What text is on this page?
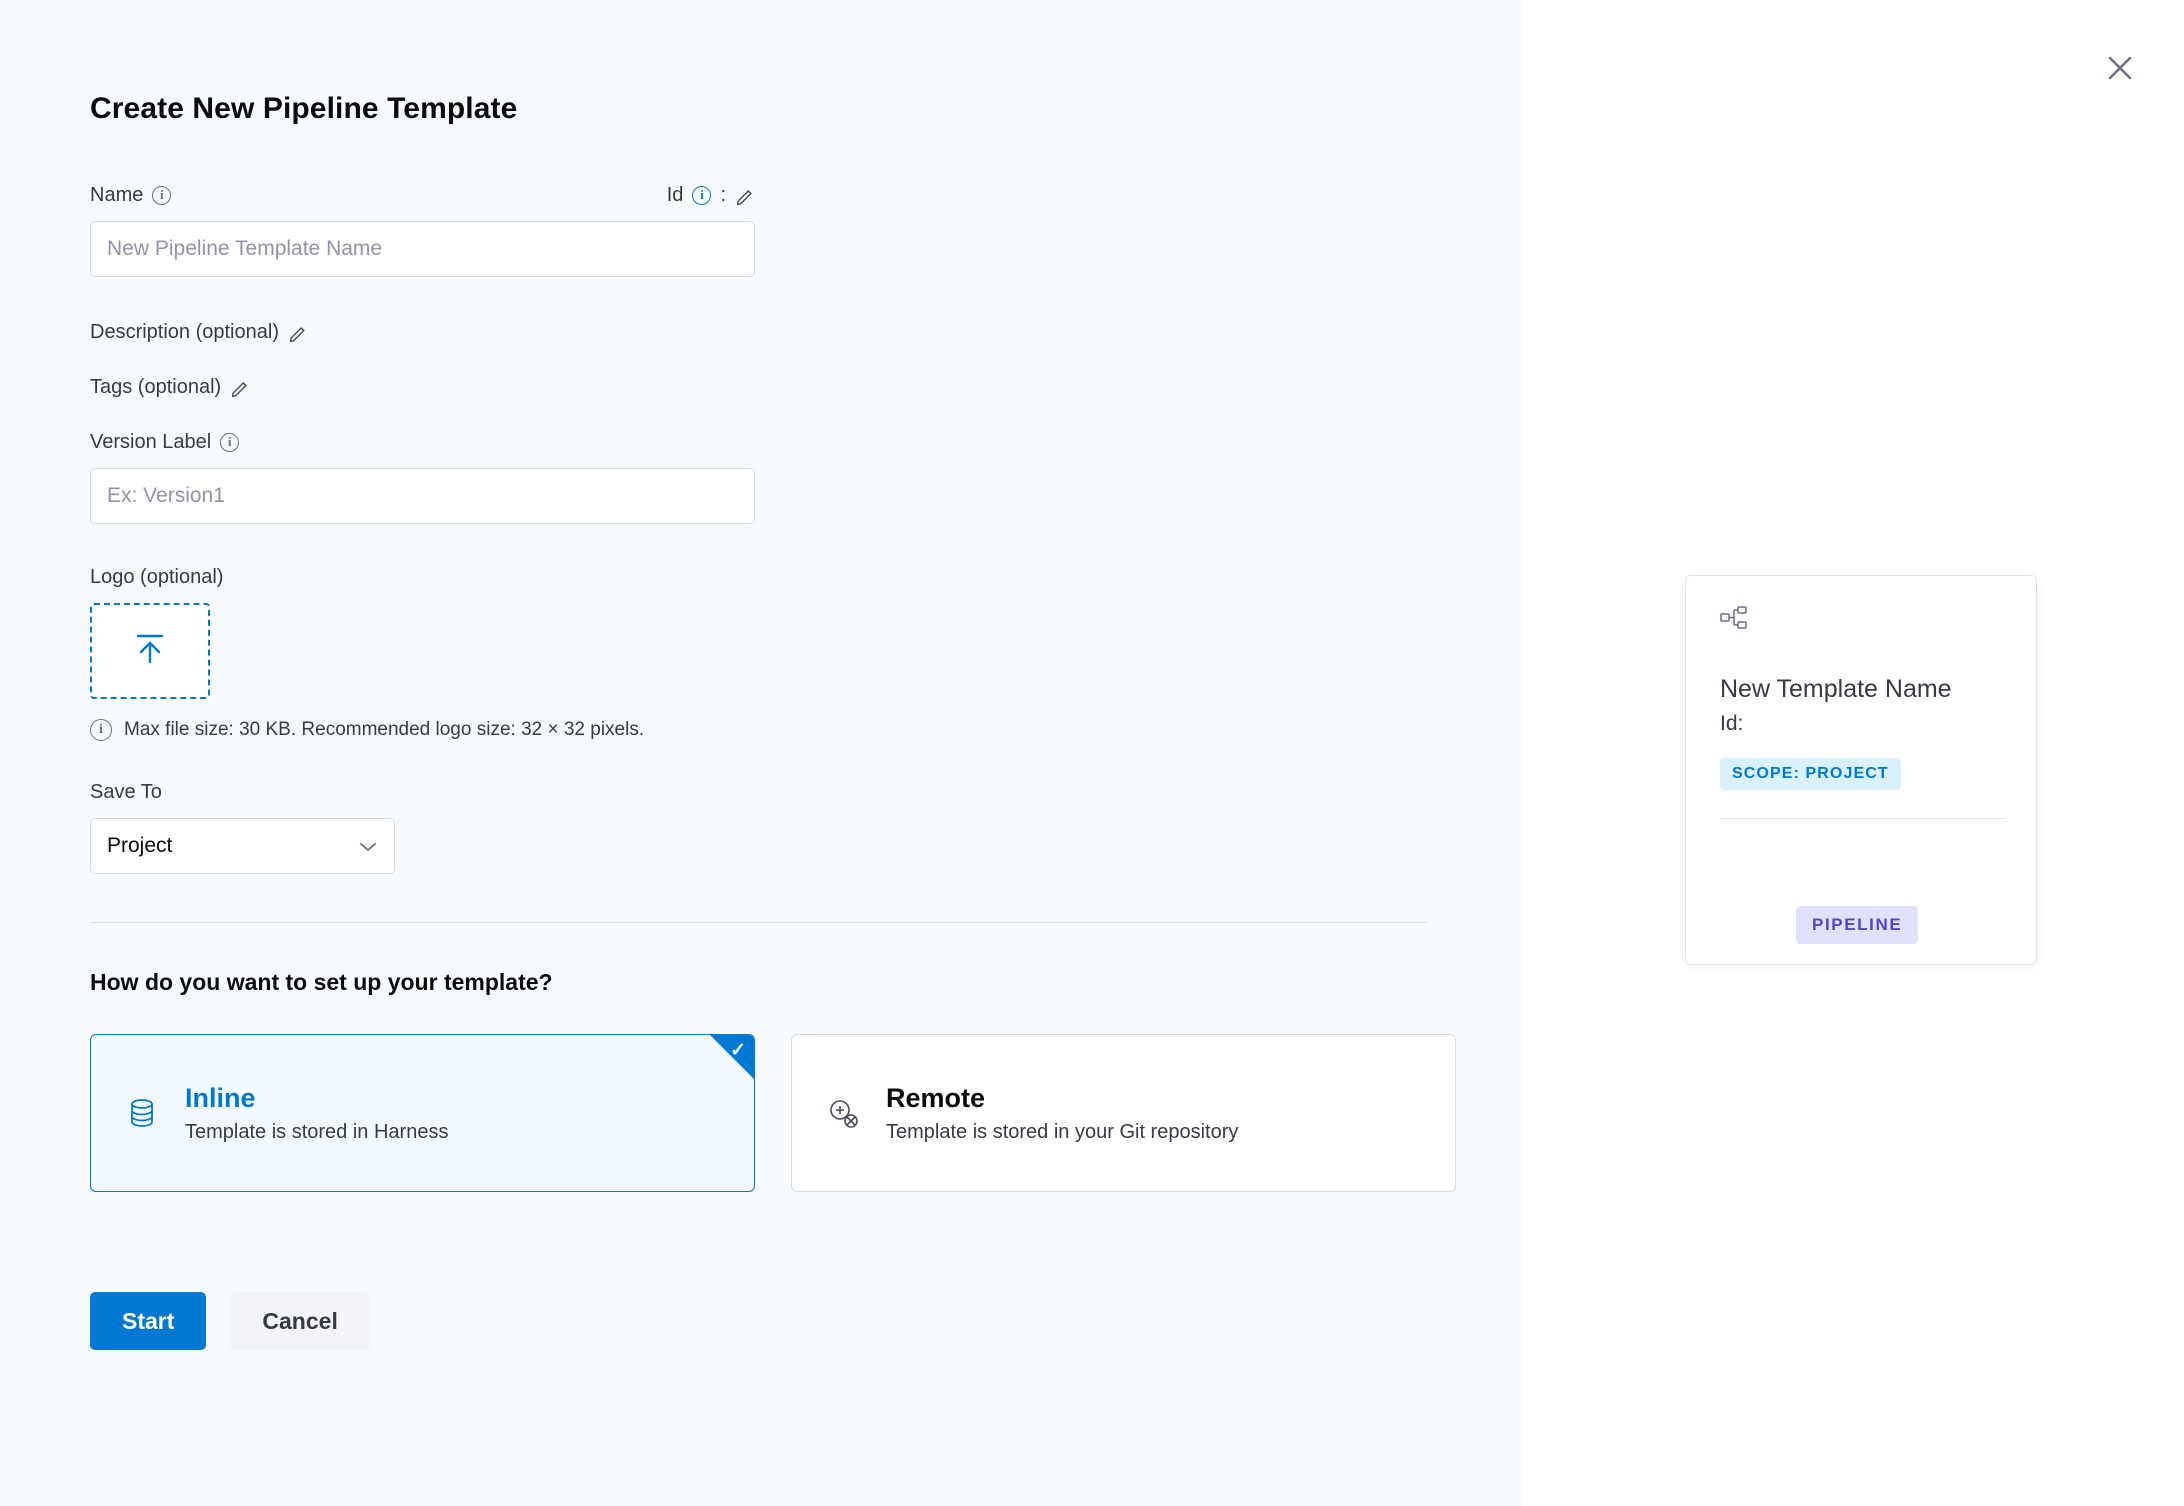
Create New Pipeline Template
Name	i	Id	i :
New Pipeline Template Name
Description (optional)
Tags (optional)
Version Label	i
Ex: Version1
Logo (optional)
i	Max file size: 30 KB. Recommended logo size: 32 × 32 pixels.
Save To
Project
How do you want to set up your template?
✓
Inline
Template is stored in Harness
Remote
Template is stored in your Git repository
Start	Cancel
New Template Name
Id:
SCOPE: PROJECT
PIPELINE
